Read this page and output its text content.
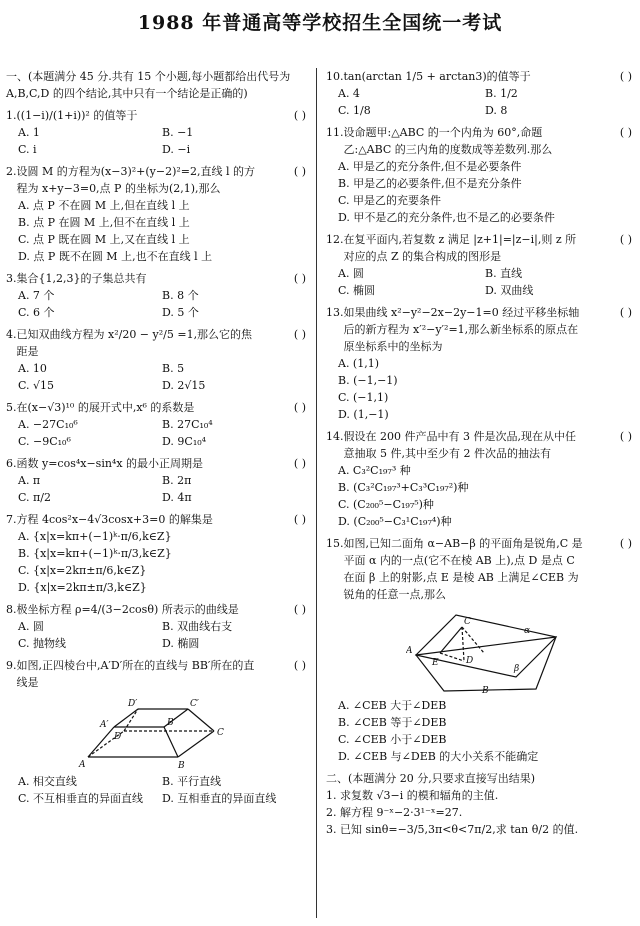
1988 年普通高等学校招生全国统一考试
一、(本题满分 45 分.共有 15 个小题,每小题都给出代号为 A,B,C,D 的四个结论,其中只有一个结论是正确的)
1. ((1−i)/(1+i))² 的值等于	( )
A. 1	B. −1
C. i	D. −i
2. 设圆 M 的方程为(x−3)²+(y−2)²=2,直线 l 的方程为 x+y−3=0,点 P 的坐标为(2,1),那么
( )
A. 点 P 不在圆 M 上,但在直线 l 上
B. 点 P 在圆 M 上,但不在直线 l 上
C. 点 P 既在圆 M 上,又在直线 l 上
D. 点 P 既不在圆 M 上,也不在直线 l 上
3. 集合{1,2,3}的子集总共有	( )
A. 7 个	B. 8 个
C. 6 个	D. 5 个
4. 已知双曲线方程为 x²/20 − y²/5 =1,那么它的焦距是
( )
A. 10	B. 5
C. √15	D. 2√15
5. 在(x−√3)¹⁰ 的展开式中,x⁶ 的系数是	( )
A. −27C₁₀⁶	B. 27C₁₀⁴
C. −9C₁₀⁶	D. 9C₁₀⁴
6. 函数 y=cos⁴x−sin⁴x 的最小正周期是	( )
A. π	B. 2π
C. π/2	D. 4π
7. 方程 4cos²x−4√3cosx+3=0 的解集是	( )
A. {x|x=kπ+(−1)ᵏ·π/6,k∈Z}
B. {x|x=kπ+(−1)ᵏ·π/3,k∈Z}
C. {x|x=2kπ±π/6,k∈Z}
D. {x|x=2kπ±π/3,k∈Z}
8. 极坐标方程 ρ=4/(3−2cosθ) 所表示的曲线是	( )
A. 圆	B. 双曲线右支
C. 抛物线	D. 椭圆
9. 如图,正四棱台中,A′D′所在的直线与 BB′所在的直线是
( )
D′	C′
A′	B′
D	C
A	B
A. 相交直线	B. 平行直线
C. 不互相垂直的异面直线	D. 互相垂直的异面直线
10. tan(arctan 1/5 + arctan3)的值等于	( )
A. 4	B. 1/2
C. 1/8	D. 8
11. 设命题甲:△ABC 的一个内角为 60°,命题乙:△ABC 的三内角的度数成等差数列.那么
( )
A. 甲是乙的充分条件,但不是必要条件
B. 甲是乙的必要条件,但不是充分条件
C. 甲是乙的充要条件
D. 甲不是乙的充分条件,也不是乙的必要条件
12. 在复平面内,若复数 z 满足 |z+1|=|z−i|,则 z 所对应的点 Z 的集合构成的图形是
( )
A. 圆	B. 直线
C. 椭圆	D. 双曲线
13. 如果曲线 x²−y²−2x−2y−1=0 经过平移坐标轴后的新方程为 x′²−y′²=1,那么新坐标系的原点在原坐标系中的坐标为
( )
A. (1,1)
B. (−1,−1)
C. (−1,1)
D. (1,−1)
14. 假设在 200 件产品中有 3 件是次品,现在从中任意抽取 5 件,其中至少有 2 件次品的抽法有
( )
A. C₃²C₁₉₇³ 种
B. (C₃²C₁₉₇³+C₃³C₁₉₇²)种
C. (C₂₀₀⁵−C₁₉₇⁵)种
D. (C₂₀₀⁵−C₃¹C₁₉₇⁴)种
15. 如图,已知二面角 α−AB−β 的平面角是锐角,C 是平面 α 内的一点(它不在棱 AB 上),点 D 是点 C 在面 β 上的射影,点 E 是棱 AB 上满足∠CEB 为锐角的任意一点,那么
( )
C
α
A
E	D
β
B
A. ∠CEB 大于∠DEB
B. ∠CEB 等于∠DEB
C. ∠CEB 小于∠DEB
D. ∠CEB 与∠DEB 的大小关系不能确定
二、(本题满分 20 分,只要求直接写出结果)
1. 求复数 √3−i 的模和辐角的主值.
2. 解方程 9⁻ˣ−2·3¹⁻ˣ=27.
3. 已知 sinθ=−3/5,3π<θ<7π/2,求 tan θ/2 的值.
